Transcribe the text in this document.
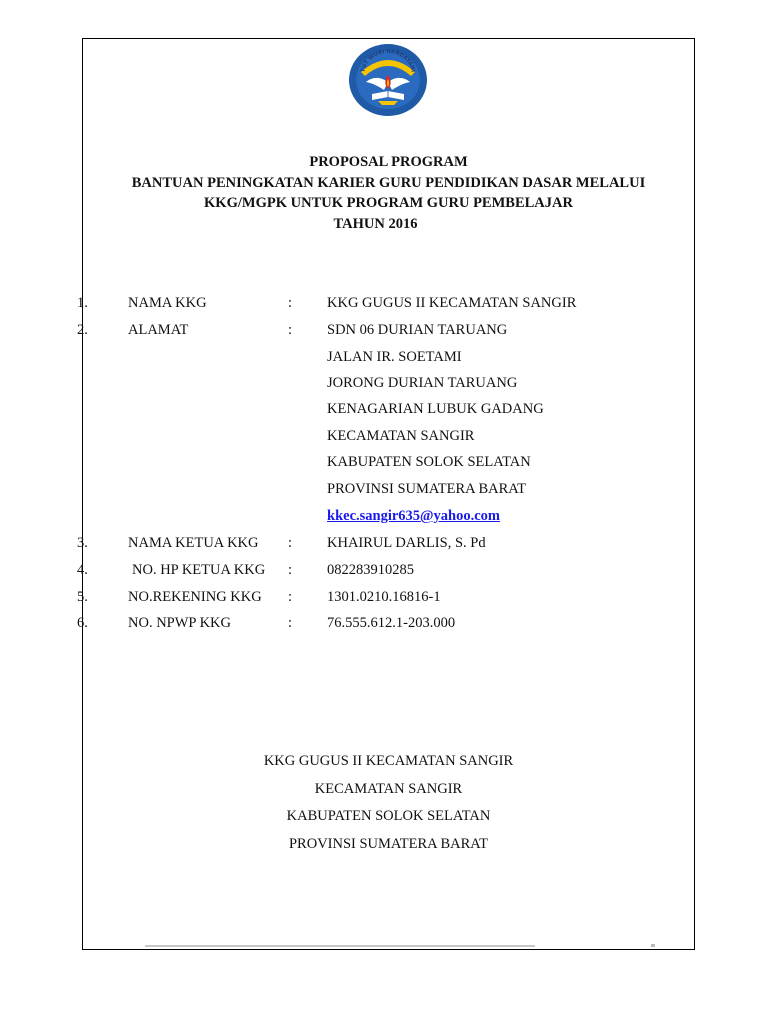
TUT WURI HANDAYANI
PROPOSAL PROGRAM
BANTUAN PENINGKATAN KARIER GURU PENDIDIKAN DASAR MELALUI
KKG/MGPK UNTUK PROGRAM GURU PEMBELAJAR
TAHUN 2016
1.	NAMA KKG	: KKG GUGUS II KECAMATAN SANGIR
2.	ALAMAT	: SDN 06 DURIAN TARUANG
JALAN IR. SOETAMI
JORONG DURIAN TARUANG
KENAGARIAN LUBUK GADANG
KECAMATAN SANGIR
KABUPATEN SOLOK SELATAN
PROVINSI SUMATERA BARAT
kkec.sangir635@yahoo.com
3.	NAMA KETUA KKG : KHAIRUL DARLIS, S. Pd
4.	NO. HP KETUA KKG : 082283910285
5.	NO.REKENING KKG : 1301.0210.16816-1
6.	NO. NPWP KKG	: 76.555.612.1-203.000
KKG GUGUS II KECAMATAN SANGIR
KECAMATAN SANGIR
KABUPATEN SOLOK SELATAN
PROVINSI SUMATERA BARAT
